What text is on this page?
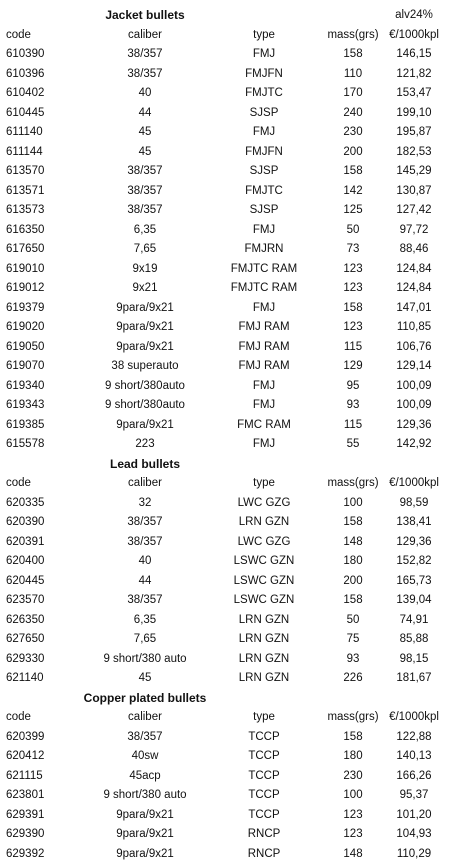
Jacket bullets	alv24%
code	caliber	type	mass(grs) €/1000kpl
610390	38/357	FMJ	158	146,15
610396	38/357	FMJFN	110	121,82
610402	40	FMJTC	170	153,47
610445	44	SJSP	240	199,10
611140	45	FMJ	230	195,87
611144	45	FMJFN	200	182,53
613570	38/357	SJSP	158	145,29
613571	38/357	FMJTC	142	130,87
613573	38/357	SJSP	125	127,42
616350	6,35	FMJ	50	97,72
617650	7,65	FMJRN	73	88,46
619010	9x19	FMJTC RAM	123	124,84
619012	9x21	FMJTC RAM	123	124,84
619379	9para/9x21	FMJ	158	147,01
619020	9para/9x21	FMJ RAM	123	110,85
619050	9para/9x21	FMJ RAM	115	106,76
619070	38 superauto	FMJ RAM	129	129,14
619340	9 short/380auto	FMJ	95	100,09
619343	9 short/380auto	FMJ	93	100,09
619385	9para/9x21	FMC RAM	115	129,36
615578	223	FMJ	55	142,92
Lead bullets
code	caliber	type	mass(grs) €/1000kpl
620335	32	LWC GZG	100	98,59
620390	38/357	LRN GZN	158	138,41
620391	38/357	LWC GZG	148	129,36
620400	40	LSWC GZN	180	152,82
620445	44	LSWC GZN	200	165,73
623570	38/357	LSWC GZN	158	139,04
626350	6,35	LRN GZN	50	74,91
627650	7,65	LRN GZN	75	85,88
629330	9 short/380 auto	LRN GZN	93	98,15
621140	45	LRN GZN	226	181,67
Copper plated bullets
code	caliber	type	mass(grs) €/1000kpl
620399	38/357	TCCP	158	122,88
620412	40sw	TCCP	180	140,13
621115	45acp	TCCP	230	166,26
623801	9 short/380 auto	TCCP	100	95,37
629391	9para/9x21	TCCP	123	101,20
629390	9para/9x21	RNCP	123	104,93
629392	9para/9x21	RNCP	148	110,29
